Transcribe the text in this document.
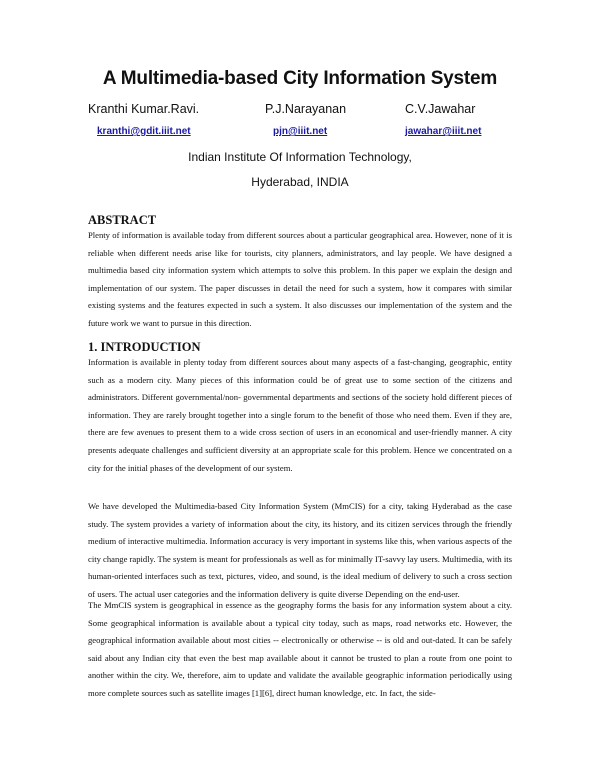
A Multimedia-based City Information System
Kranthi Kumar.Ravi.	P.J.Narayanan	C.V.Jawahar
kranthi@gdit.iiit.net	pjn@iiit.net	jawahar@iiit.net
Indian Institute Of Information Technology,
Hyderabad, INDIA
ABSTRACT

Plenty of information is available today from different sources about a particular geographical area. However, none of it is reliable when different needs arise like for tourists, city planners, administrators, and lay people. We have designed a multimedia based city information system which attempts to solve this problem. In this paper we explain the design and implementation of our system. The paper discusses in detail the need for such a system, how it compares with similar existing systems and the features expected in such a system. It also discusses our implementation of the system and the future work we want to pursue in this direction.

1. INTRODUCTION

Information is available in plenty today from different sources about many aspects of a fast-changing, geographic, entity such as a modern city. Many pieces of this information could be of great use to some section of the citizens and administrators. Different governmental/non- governmental departments and sections of the society hold different pieces of information. They are rarely brought together into a single forum to the benefit of those who need them. Even if they are, there are few avenues to present them to a wide cross section of users in an economical and user-friendly manner. A city presents adequate challenges and sufficient diversity at an appropriate scale for this problem. Hence we concentrated on a city for the initial phases of the development of our system.

We have developed the Multimedia-based City Information System (MmCIS) for a city, taking Hyderabad as the case study. The system provides a variety of information about the city, its history, and its citizen services through the friendly medium of interactive multimedia. Information accuracy is very important in systems like this, when various aspects of the city change rapidly. The system is meant for professionals as well as for minimally IT-savvy lay users. Multimedia, with its human-oriented interfaces such as text, pictures, video, and sound, is the ideal medium of delivery to such a cross section of users. The actual user categories and the information delivery is quite diverse Depending on the end-user.

The MmCIS system is geographical in essence as the geography forms the basis for any information system about a city. Some geographical information is available about a typical city today, such as maps, road networks etc. However, the geographical information available about most cities -- electronically or otherwise -- is old and out-dated. It can be safely said about any Indian city that even the best map available about it cannot be trusted to plan a route from one point to another within the city. We, therefore, aim to update and validate the available geographic information periodically using more complete sources such as satellite images [1][6], direct human knowledge, etc. In fact, the side-
